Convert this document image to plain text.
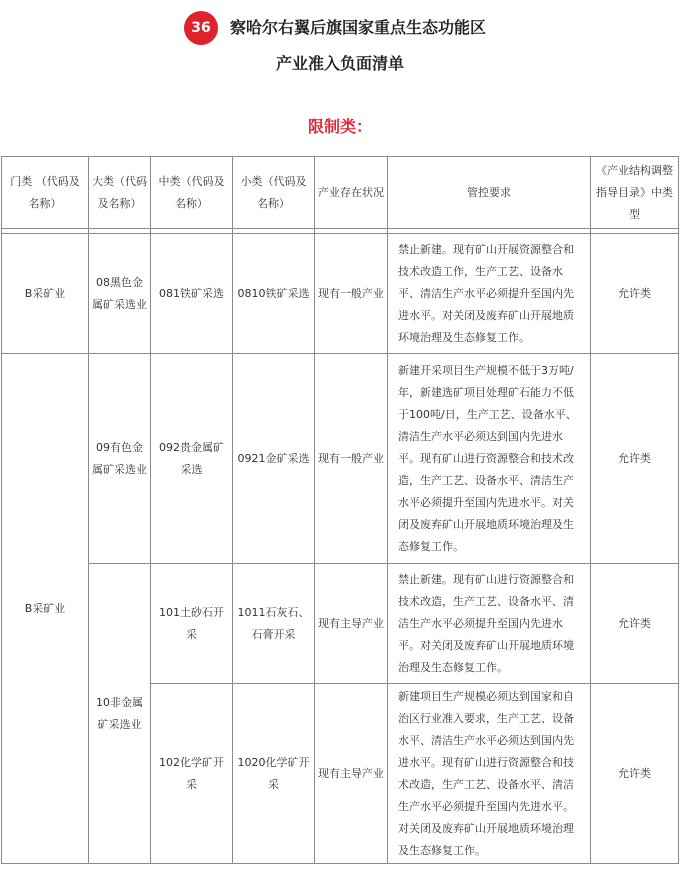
36	察哈尔右翼后旗国家重点生态功能区
产业准入负面清单
限制类：
门类 （代码及名称）	大类（代码及名称）	中类（代码及名称）	小类（代码及名称）	产业存在状况	管控要求	《产业结构调整指导目录》中类型

B采矿业	08黑色金属矿采选业	081铁矿采选	0810铁矿采选	现有一般产业	禁止新建。现有矿山开展资源整合和技术改造工作，生产工艺、设备水平、清洁生产水平必须提升至国内先进水平。对关闭及废弃矿山开展地质环境治理及生态修复工作。	允许类
B采矿业	09有色金属矿采选业	092贵金属矿采选	0921金矿采选	现有一般产业	新建开采项目生产规模不低于3万吨/年，新建选矿项目处理矿石能力不低于100吨/日，生产工艺、设备水平、清洁生产水平必须达到国内先进水平。现有矿山进行资源整合和技术改造，生产工艺、设备水平、清洁生产水平必须提升至国内先进水平。对关闭及废弃矿山开展地质环境治理及生态修复工作。	允许类
	10非金属矿采选业	101土砂石开采	1011石灰石、石膏开采	现有主导产业	禁止新建。现有矿山进行资源整合和技术改造，生产工艺、设备水平、清洁生产水平必须提升至国内先进水平。对关闭及废弃矿山开展地质环境治理及生态修复工作。	允许类
		102化学矿开采	1020化学矿开采	现有主导产业	新建项目生产规模必须达到国家和自治区行业准入要求，生产工艺、设备水平、清洁生产水平必须达到国内先进水平。现有矿山进行资源整合和技术改造，生产工艺、设备水平、清洁生产水平必须提升至国内先进水平。对关闭及废弃矿山开展地质环境治理及生态修复工作。	允许类
